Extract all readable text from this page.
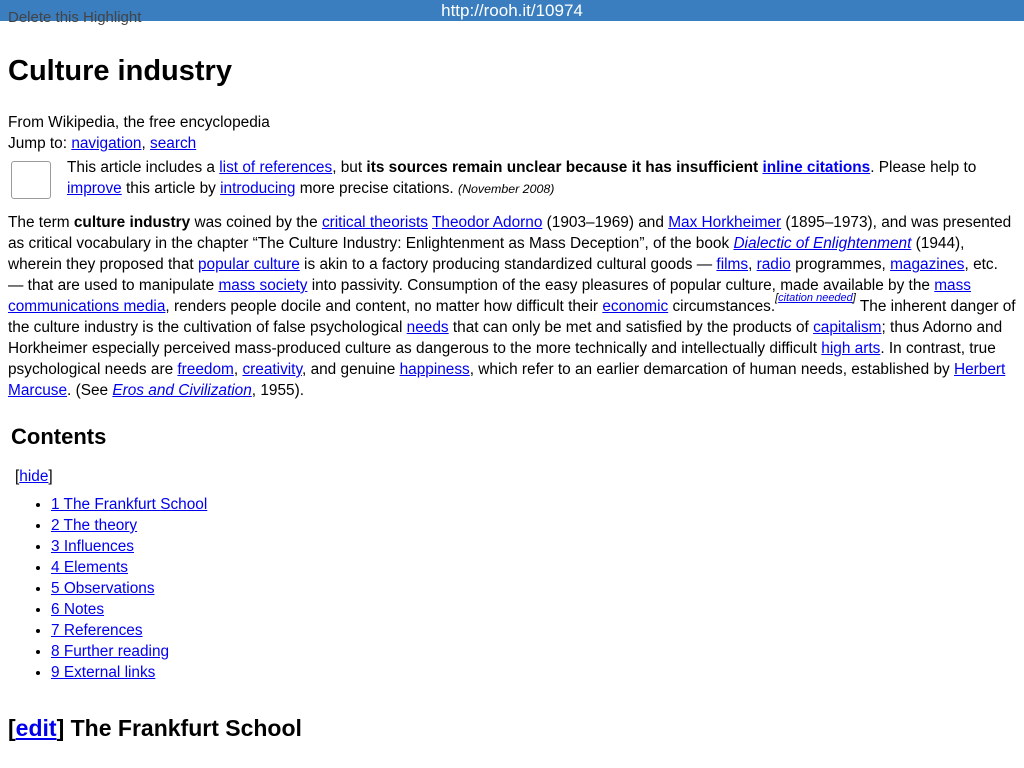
http://rooh.it/10974
Delete this Highlight
Culture industry
From Wikipedia, the free encyclopedia
Jump to: navigation, search
This article includes a list of references, but its sources remain unclear because it has insufficient inline citations. Please help to improve this article by introducing more precise citations. (November 2008)

The term culture industry was coined by the critical theorists Theodor Adorno (1903–1969) and Max Horkheimer (1895–1973), and was presented as critical vocabulary in the chapter “The Culture Industry: Enlightenment as Mass Deception”, of the book Dialectic of Enlightenment (1944), wherein they proposed that popular culture is akin to a factory producing standardized cultural goods — films, radio programmes, magazines, etc. — that are used to manipulate mass society into passivity. Consumption of the easy pleasures of popular culture, made available by the mass communications media, renders people docile and content, no matter how difficult their economic circumstances.[citation needed] The inherent danger of the culture industry is the cultivation of false psychological needs that can only be met and satisfied by the products of capitalism; thus Adorno and Horkheimer especially perceived mass-produced culture as dangerous to the more technically and intellectually difficult high arts. In contrast, true psychological needs are freedom, creativity, and genuine happiness, which refer to an earlier demarcation of human needs, established by Herbert Marcuse. (See Eros and Civilization, 1955).

Contents
[hide]
• 1 The Frankfurt School
• 2 The theory
• 3 Influences
• 4 Elements
• 5 Observations
• 6 Notes
• 7 References
• 8 Further reading
• 9 External links
[edit] The Frankfurt School
